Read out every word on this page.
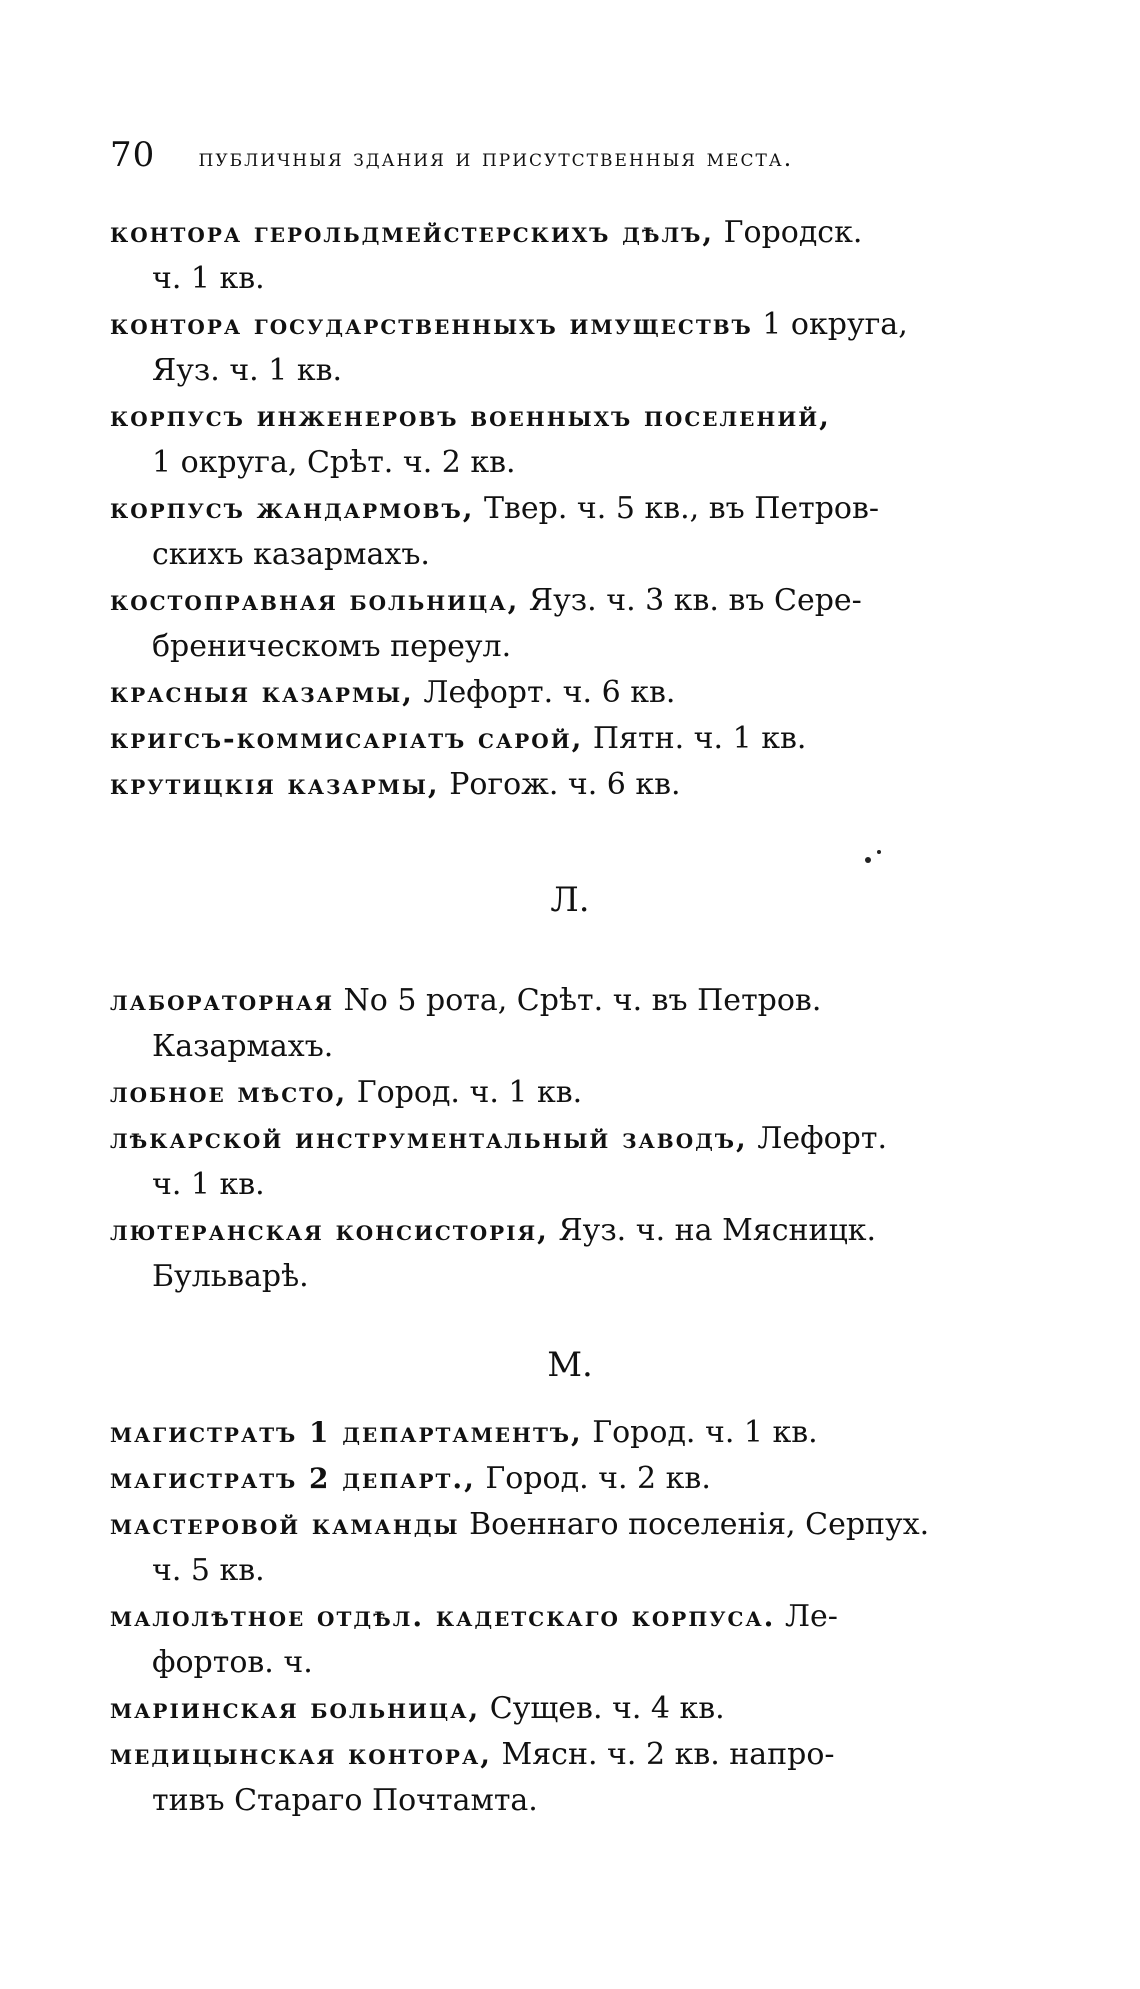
70 публичныя здания и присутственныя места.
контора герольдмейстерскихъ дѣлъ, Городск.
ч. 1 кв.
контора государственныхъ имуществъ 1 округа,
Яуз. ч. 1 кв.
корпусъ инженеровъ военныхъ поселений,
1 округа, Срѣт. ч. 2 кв.
корпусъ жандармовъ, Твер. ч. 5 кв., въ Петров-
скихъ казармахъ.
костоправная больница, Яуз. ч. 3 кв. въ Сере-
бреническомъ переул.
красныя казармы, Лефорт. ч. 6 кв.
кригсъ-коммисаріатъ сарой, Пятн. ч. 1 кв.
крутицкія казармы, Рогож. ч. 6 кв.
Л.
лабораторная No 5 рота, Срѣт. ч. въ Петров.
Казармахъ.
лобное мѣсто, Город. ч. 1 кв.
лѣкарской инструментальный заводъ, Лефорт.
ч. 1 кв.
лютеранская консисторія, Яуз. ч. на Мясницк.
Бульварѣ.
М.
магистратъ 1 департаментъ, Город. ч. 1 кв.
магистратъ 2 департ., Город. ч. 2 кв.
мастеровой каманды Военнаго поселенія, Серпух.
ч. 5 кв.
малолѣтное отдѣл. кадетскаго корпуса. Ле-
фортов. ч.
маріинская больница, Сущев. ч. 4 кв.
медицынская контора, Мясн. ч. 2 кв. напро-
тивъ Стараго Почтамта.
